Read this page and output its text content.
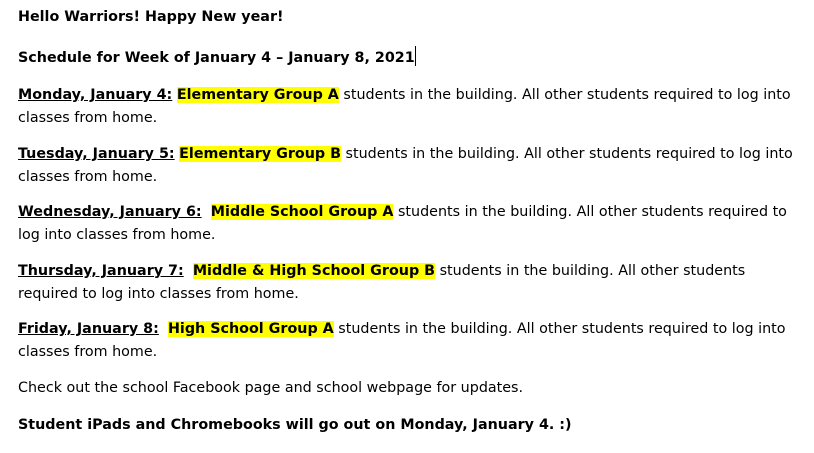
Hello Warriors! Happy New year!

Schedule for Week of January 4 – January 8, 2021

Monday, January 4: Elementary Group A students in the building. All other students required to log into classes from home.

Tuesday, January 5: Elementary Group B students in the building. All other students required to log into classes from home.

Wednesday, January 6: Middle School Group A students in the building. All other students required to log into classes from home.

Thursday, January 7: Middle & High School Group B students in the building. All other students required to log into classes from home.

Friday, January 8: High School Group A students in the building. All other students required to log into classes from home.

Check out the school Facebook page and school webpage for updates.

Student iPads and Chromebooks will go out on Monday, January 4. :)
